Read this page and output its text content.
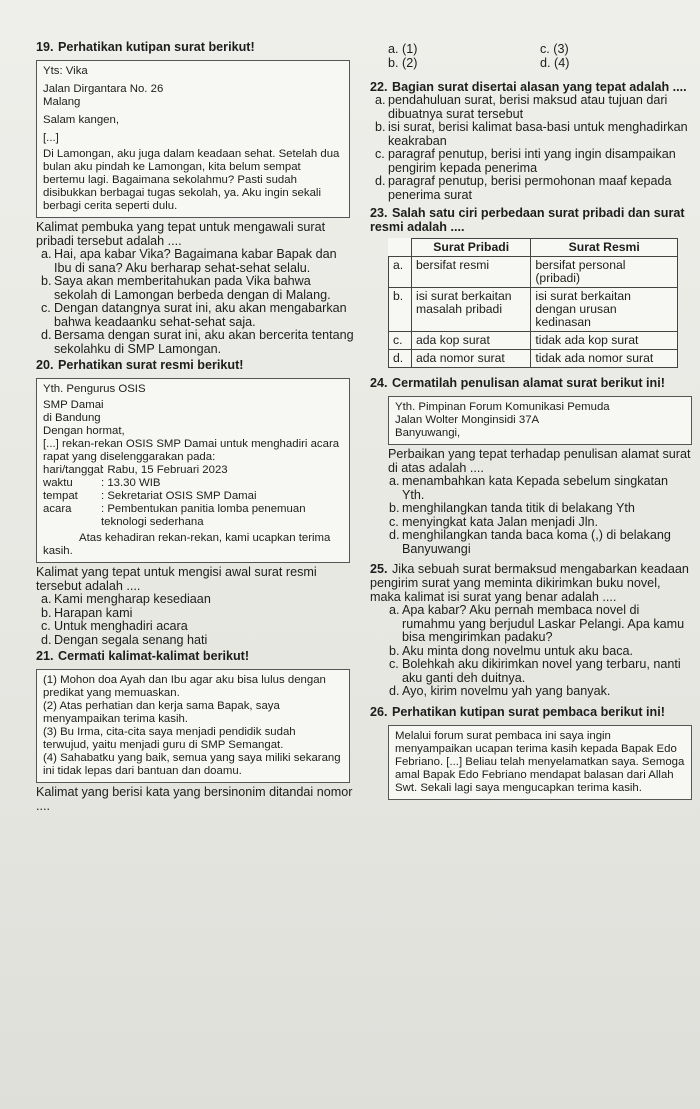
19. Perhatikan kutipan surat berikut!

Yts: Vika

Jalan Dirgantara No. 26

Malang

Salam kangen,

[...]

Di Lamongan, aku juga dalam keadaan sehat. Setelah dua bulan aku pindah ke Lamongan, kita belum sempat bertemu lagi. Bagaimana sekolahmu? Pasti sudah disibukkan berbagai tugas sekolah, ya. Aku ingin sekali berbagi cerita seperti dulu.

Kalimat pembuka yang tepat untuk mengawali surat pribadi tersebut adalah ....

a. Hai, apa kabar Vika? Bagaimana kabar Bapak dan Ibu di sana? Aku berharap sehat-sehat selalu.

b. Saya akan memberitahukan pada Vika bahwa sekolah di Lamongan berbeda dengan di Malang.

c. Dengan datangnya surat ini, aku akan mengabarkan bahwa keadaanku sehat-sehat saja.

d. Bersama dengan surat ini, aku akan bercerita tentang sekolahku di SMP Lamongan.

20. Perhatikan surat resmi berikut!

Yth. Pengurus OSIS

SMP Damai

di Bandung

Dengan hormat,

[...] rekan-rekan OSIS SMP Damai untuk menghadiri acara rapat yang diselenggarakan pada:

hari/tanggal
: Rabu, 15 Februari 2023
waktu	: 13.30 WIB
tempat	: Sekretariat OSIS SMP Damai
acara	: Pembentukan panitia lomba penemuan teknologi sederhana

Atas kehadiran rekan-rekan, kami ucapkan terima kasih.

Kalimat yang tepat untuk mengisi awal surat resmi tersebut adalah ....

a. Kami mengharap kesediaan

b. Harapan kami

c. Untuk menghadiri acara

d. Dengan segala senang hati

21. Cermati kalimat-kalimat berikut!

(1) Mohon doa Ayah dan Ibu agar aku bisa lulus dengan predikat yang memuaskan.

(2) Atas perhatian dan kerja sama Bapak, saya menyampaikan terima kasih.

(3) Bu Irma, cita-cita saya menjadi pendidik sudah terwujud, yaitu menjadi guru di SMP Semangat.

(4) Sahabatku yang baik, semua yang saya miliki sekarang ini tidak lepas dari bantuan dan doamu.

Kalimat yang berisi kata yang bersinonim ditandai nomor ....

a. (1)	c. (3)
b. (2)	d. (4)

22. Bagian surat disertai alasan yang tepat adalah ....

a. pendahuluan surat, berisi maksud atau tujuan dari dibuatnya surat tersebut

b. isi surat, berisi kalimat basa-basi untuk menghadirkan keakraban

c. paragraf penutup, berisi inti yang ingin disampaikan pengirim kepada penerima

d. paragraf penutup, berisi permohonan maaf kepada penerima surat

23. Salah satu ciri perbedaan surat pribadi dan surat resmi adalah ....

	Surat Pribadi	Surat Resmi
a.	bersifat resmi	bersifat personal (pribadi)
b.	isi surat berkaitan masalah pribadi	isi surat berkaitan dengan urusan kedinasan
c.	ada kop surat	tidak ada kop surat
d.	ada nomor surat	tidak ada nomor surat

24. Cermatilah penulisan alamat surat berikut ini!

Yth. Pimpinan Forum Komunikasi Pemuda

Jalan Wolter Monginsidi 37A

Banyuwangi,

Perbaikan yang tepat terhadap penulisan alamat surat di atas adalah ....

a. menambahkan kata Kepada sebelum singkatan Yth.

b. menghilangkan tanda titik di belakang Yth

c. menyingkat kata Jalan menjadi Jln.

d. menghilangkan tanda baca koma (,) di belakang Banyuwangi

25. Jika sebuah surat bermaksud mengabarkan keadaan pengirim surat yang meminta dikirimkan buku novel, maka kalimat isi surat yang benar adalah ....

a. Apa kabar? Aku pernah membaca novel di rumahmu yang berjudul Laskar Pelangi. Apa kamu bisa mengirimkan padaku?

b. Aku minta dong novelmu untuk aku baca.

c. Bolehkah aku dikirimkan novel yang terbaru, nanti aku ganti deh duitnya.

d. Ayo, kirim novelmu yah yang banyak.

26. Perhatikan kutipan surat pembaca berikut ini!

Melalui forum surat pembaca ini saya ingin menyampaikan ucapan terima kasih kepada Bapak Edo Febriano. [...] Beliau telah menyelamatkan saya. Semoga amal Bapak Edo Febriano mendapat balasan dari Allah Swt. Sekali lagi saya mengucapkan terima kasih.
